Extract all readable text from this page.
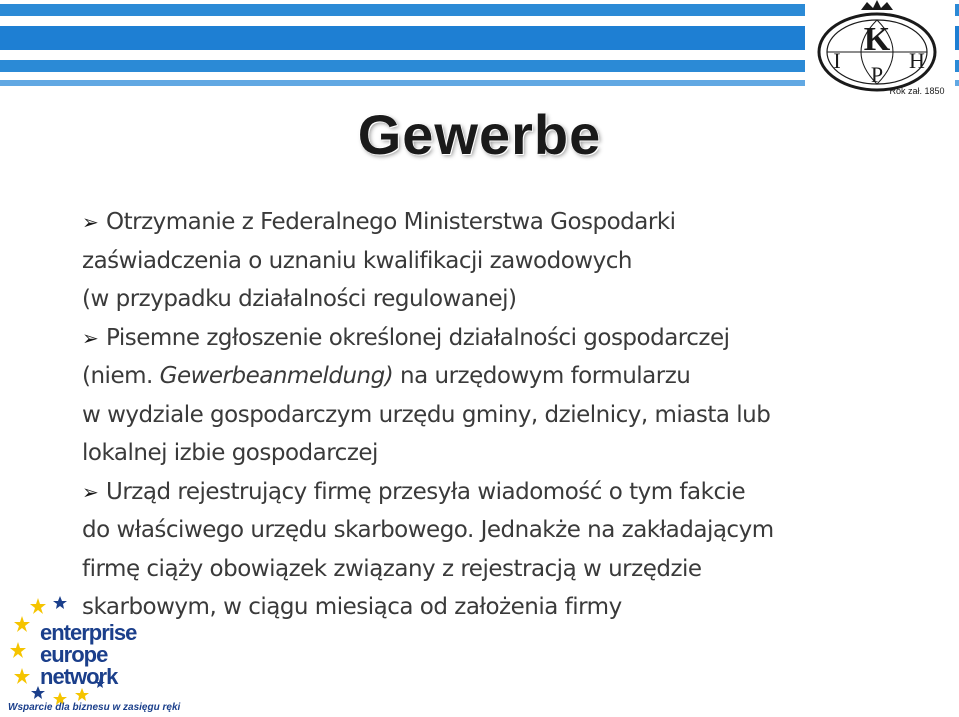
K
I
P
H
Rok zał. 1850
Gewerbe
➢ Otrzymanie z Federalnego Ministerstwa Gospodarki
zaświadczenia o uznaniu kwalifikacji zawodowych
(w przypadku działalności regulowanej)
➢ Pisemne zgłoszenie określonej działalności gospodarczej
(niem. Gewerbeanmeldung) na urzędowym formularzu
w wydziale gospodarczym urzędu gminy, dzielnicy, miasta lub
lokalnej izbie gospodarczej
➢ Urząd rejestrujący firmę przesyła wiadomość o tym fakcie
do właściwego urzędu skarbowego. Jednakże na zakładającym
firmę ciąży obowiązek związany z rejestracją w urzędzie
skarbowym, w ciągu miesiąca od założenia firmy
enterprise
europe
network
Wsparcie dla biznesu w zasięgu ręki
